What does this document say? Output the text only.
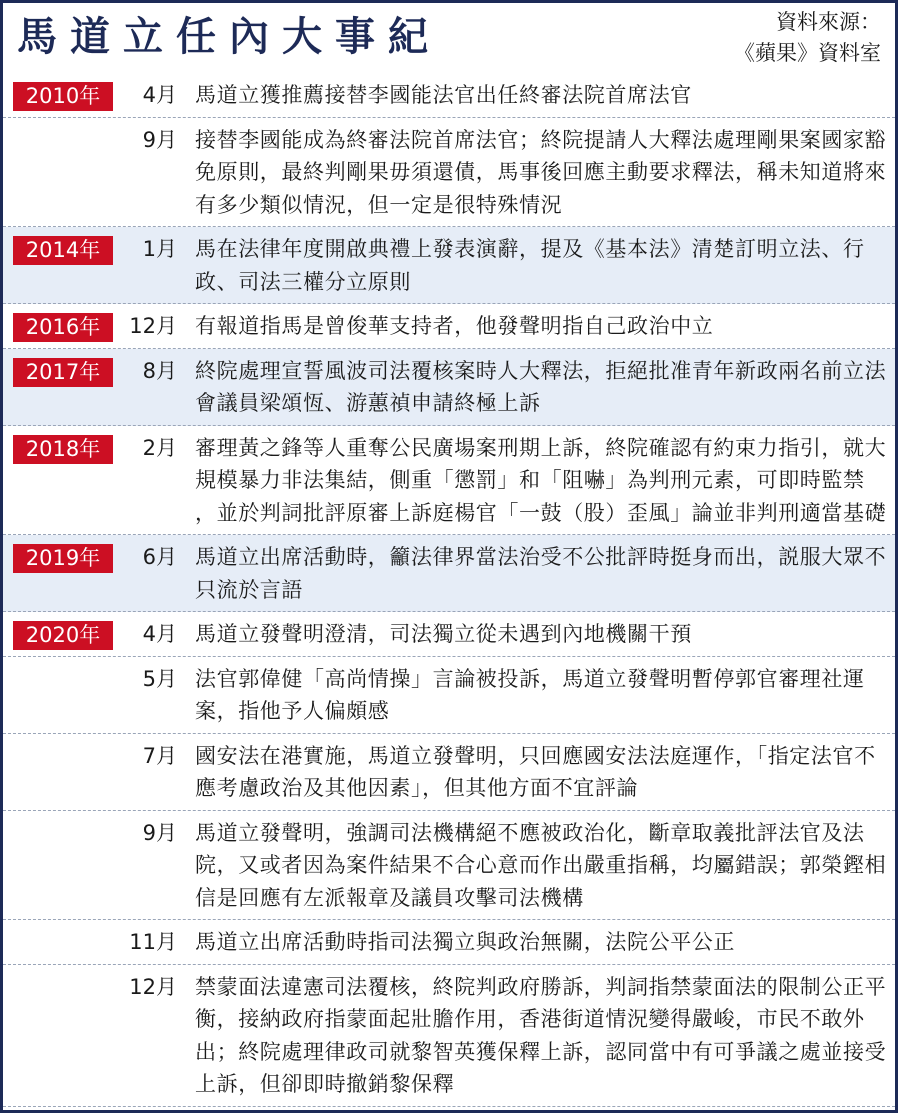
馬道立任內大事紀	資料來源：
《蘋果》資料室
2010年	4月 馬道立獲推薦接替李國能法官出任終審法院首席法官
9月 接替李國能成為終審法院首席法官；終院提請人大釋法處理剛果案國家豁免原則，最終判剛果毋須還債，馬事後回應主動要求釋法，稱未知道將來有多少類似情況，但一定是很特殊情況
2014年	1月 馬在法律年度開啟典禮上發表演辭，提及《基本法》清楚訂明立法、行政、司法三權分立原則
2016年	12月 有報道指馬是曾俊華支持者，他發聲明指自己政治中立
2017年	8月 終院處理宣誓風波司法覆核案時人大釋法，拒絕批准青年新政兩名前立法會議員梁頌恆、游蕙禎申請終極上訴
2018年	2月 審理黃之鋒等人重奪公民廣場案刑期上訴，終院確認有約束力指引，就大規模暴力非法集結，側重「懲罰」和「阻嚇」為判刑元素，可即時監禁 ，並於判詞批評原審上訴庭楊官「一鼓（股）歪風」論並非判刑適當基礎
2019年	6月 馬道立出席活動時，籲法律界當法治受不公批評時挺身而出，説服大眾不只流於言語
2020年	4月 馬道立發聲明澄清，司法獨立從未遇到內地機關干預
5月 法官郭偉健「高尚情操」言論被投訴，馬道立發聲明暫停郭官審理社運案，指他予人偏頗感
7月 國安法在港實施，馬道立發聲明，只回應國安法法庭運作，「指定法官不應考慮政治及其他因素」，但其他方面不宜評論
9月 馬道立發聲明，強調司法機構絕不應被政治化，斷章取義批評法官及法院，又或者因為案件結果不合心意而作出嚴重指稱，均屬錯誤；郭榮鏗相信是回應有左派報章及議員攻擊司法機構
11月 馬道立出席活動時指司法獨立與政治無關，法院公平公正
12月 禁蒙面法違憲司法覆核，終院判政府勝訴，判詞指禁蒙面法的限制公正平衡，接納政府指蒙面起壯膽作用，香港街道情況變得嚴峻，市民不敢外出；終院處理律政司就黎智英獲保釋上訴，認同當中有可爭議之處並接受上訴，但卻即時撤銷黎保釋
